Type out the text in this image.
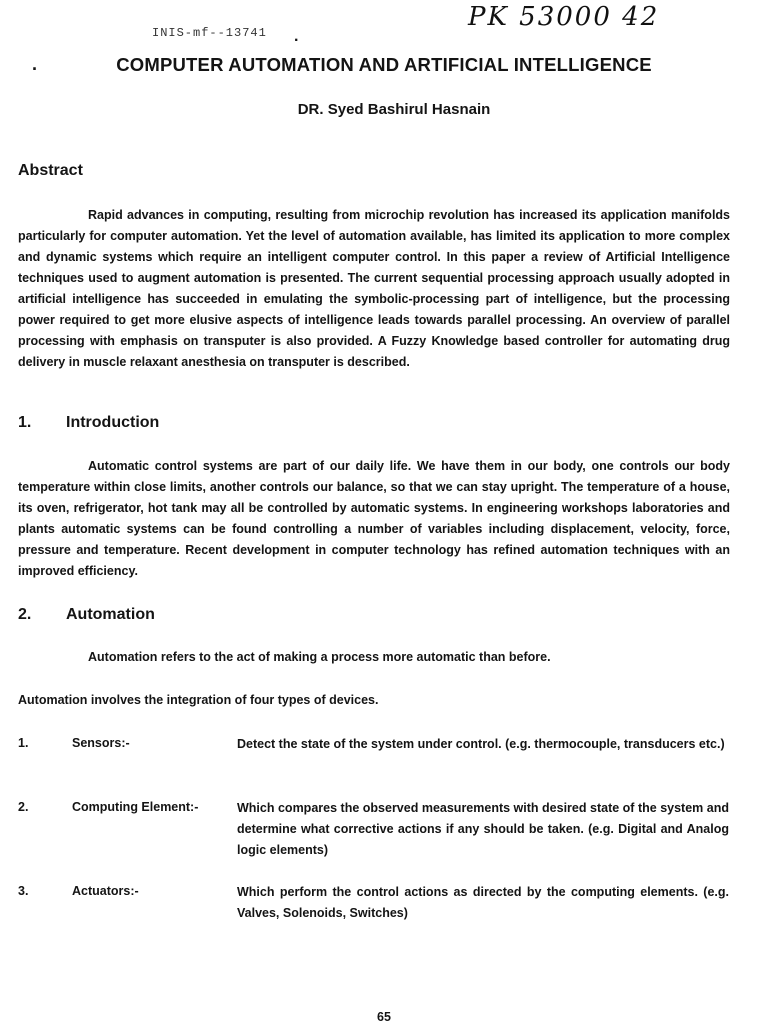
INIS-mf--13741 .
PK 53000 42
.	COMPUTER AUTOMATION AND ARTIFICIAL INTELLIGENCE
DR. Syed Bashirul Hasnain
Abstract
Rapid advances in computing, resulting from microchip revolution has increased its application manifolds particularly for computer automation. Yet the level of automation available, has limited its application to more complex and dynamic systems which require an intelligent computer control. In this paper a review of Artificial Intelligence techniques used to augment automation is presented. The current sequential processing approach usually adopted in artificial intelligence has succeeded in emulating the symbolic-processing part of intelligence, but the processing power required to get more elusive aspects of intelligence leads towards parallel processing. An overview of parallel processing with emphasis on transputer is also provided. A Fuzzy Knowledge based controller for automating drug delivery in muscle relaxant anesthesia on transputer is described.
1. Introduction
Automatic control systems are part of our daily life. We have them in our body, one controls our body temperature within close limits, another controls our balance, so that we can stay upright. The temperature of a house, its oven, refrigerator, hot tank may all be controlled by automatic systems. In engineering workshops laboratories and plants automatic systems can be found controlling a number of variables including displacement, velocity, force, pressure and temperature. Recent development in computer technology has refined automation techniques with an improved efficiency.
2. Automation
Automation refers to the act of making a process more automatic than before.
Automation involves the integration of four types of devices.
1.	Sensors:-	Detect the state of the system under control. (e.g. thermocouple, transducers etc.)
2.	Computing Element:-	Which compares the observed measurements with desired state of the system and determine what corrective actions if any should be taken. (e.g. Digital and Analog logic elements)
3.	Actuators:-	Which perform the control actions as directed by the computing elements. (e.g. Valves, Solenoids, Switches)
65
